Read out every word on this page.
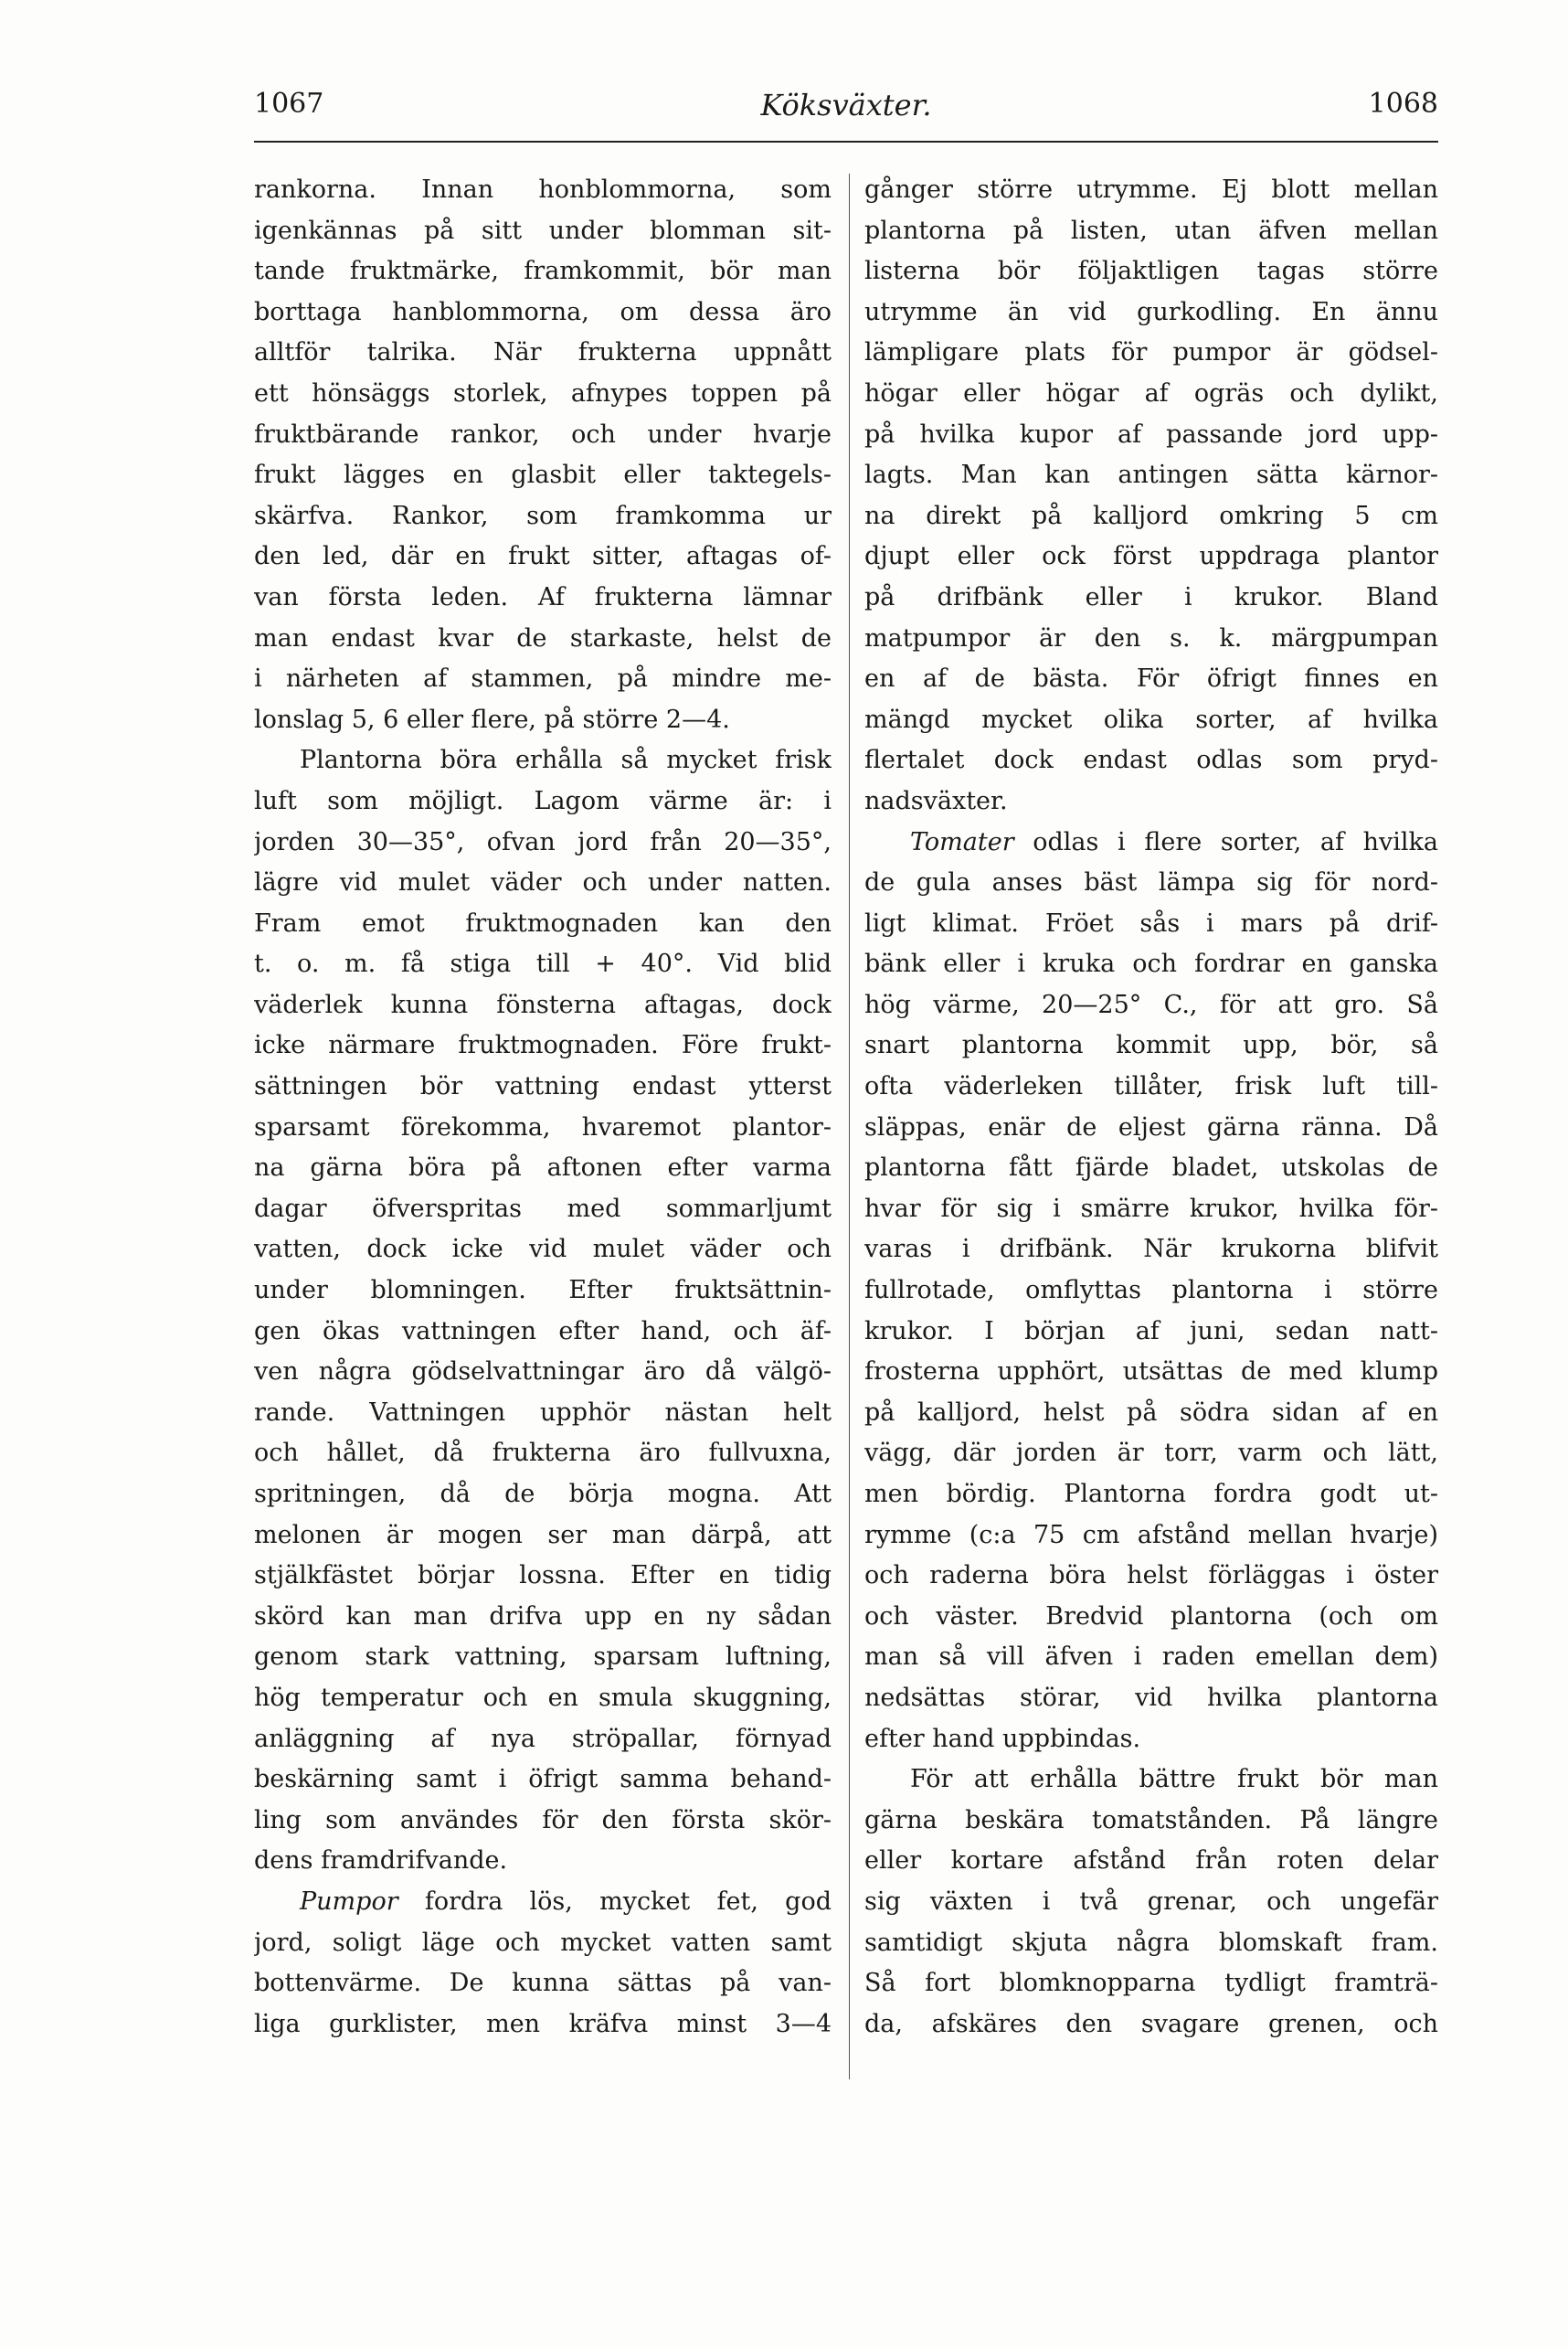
1067	Köksväxter.	1068
rankorna. Innan honblommorna, som
igenkännas på sitt under blomman sit-
tande fruktmärke, framkommit, bör man
borttaga hanblommorna, om dessa äro
alltför talrika. När frukterna uppnått
ett hönsäggs storlek, afnypes toppen på
fruktbärande rankor, och under hvarje
frukt lägges en glasbit eller taktegels-
skärfva. Rankor, som framkomma ur
den led, där en frukt sitter, aftagas of-
van första leden. Af frukterna lämnar
man endast kvar de starkaste, helst de
i närheten af stammen, på mindre me-
lonslag 5, 6 eller flere, på större 2—4.
Plantorna böra erhålla så mycket frisk
luft som möjligt. Lagom värme är: i
jorden 30—35°, ofvan jord från 20—35°,
lägre vid mulet väder och under natten.
Fram emot fruktmognaden kan den
t. o. m. få stiga till + 40°. Vid blid
väderlek kunna fönsterna aftagas, dock
icke närmare fruktmognaden. Före frukt-
sättningen bör vattning endast ytterst
sparsamt förekomma, hvaremot plantor-
na gärna böra på aftonen efter varma
dagar öfverspritas med sommarljumt
vatten, dock icke vid mulet väder och
under blomningen. Efter fruktsättnin-
gen ökas vattningen efter hand, och äf-
ven några gödselvattningar äro då välgö-
rande. Vattningen upphör nästan helt
och hållet, då frukterna äro fullvuxna,
spritningen, då de börja mogna. Att
melonen är mogen ser man därpå, att
stjälkfästet börjar lossna. Efter en tidig
skörd kan man drifva upp en ny sådan
genom stark vattning, sparsam luftning,
hög temperatur och en smula skuggning,
anläggning af nya ströpallar, förnyad
beskärning samt i öfrigt samma behand-
ling som användes för den första skör-
dens framdrifvande.
Pumpor fordra lös, mycket fet, god
jord, soligt läge och mycket vatten samt
bottenvärme. De kunna sättas på van-
liga gurklister, men kräfva minst 3—4
gånger större utrymme. Ej blott mellan
plantorna på listen, utan äfven mellan
listerna bör följaktligen tagas större
utrymme än vid gurkodling. En ännu
lämpligare plats för pumpor är gödsel-
högar eller högar af ogräs och dylikt,
på hvilka kupor af passande jord upp-
lagts. Man kan antingen sätta kärnor-
na direkt på kalljord omkring 5 cm
djupt eller ock först uppdraga plantor
på drifbänk eller i krukor. Bland
matpumpor är den s. k. märgpumpan
en af de bästa. För öfrigt finnes en
mängd mycket olika sorter, af hvilka
flertalet dock endast odlas som pryd-
nadsväxter.
Tomater odlas i flere sorter, af hvilka
de gula anses bäst lämpa sig för nord-
ligt klimat. Fröet sås i mars på drif-
bänk eller i kruka och fordrar en ganska
hög värme, 20—25° C., för att gro. Så
snart plantorna kommit upp, bör, så
ofta väderleken tillåter, frisk luft till-
släppas, enär de eljest gärna ränna. Då
plantorna fått fjärde bladet, utskolas de
hvar för sig i smärre krukor, hvilka för-
varas i drifbänk. När krukorna blifvit
fullrotade, omflyttas plantorna i större
krukor. I början af juni, sedan natt-
frosterna upphört, utsättas de med klump
på kalljord, helst på södra sidan af en
vägg, där jorden är torr, varm och lätt,
men bördig. Plantorna fordra godt ut-
rymme (c:a 75 cm afstånd mellan hvarje)
och raderna böra helst förläggas i öster
och väster. Bredvid plantorna (och om
man så vill äfven i raden emellan dem)
nedsättas störar, vid hvilka plantorna
efter hand uppbindas.
För att erhålla bättre frukt bör man
gärna beskära tomatstånden. På längre
eller kortare afstånd från roten delar
sig växten i två grenar, och ungefär
samtidigt skjuta några blomskaft fram.
Så fort blomknopparna tydligt framträ-
da, afskäres den svagare grenen, och
